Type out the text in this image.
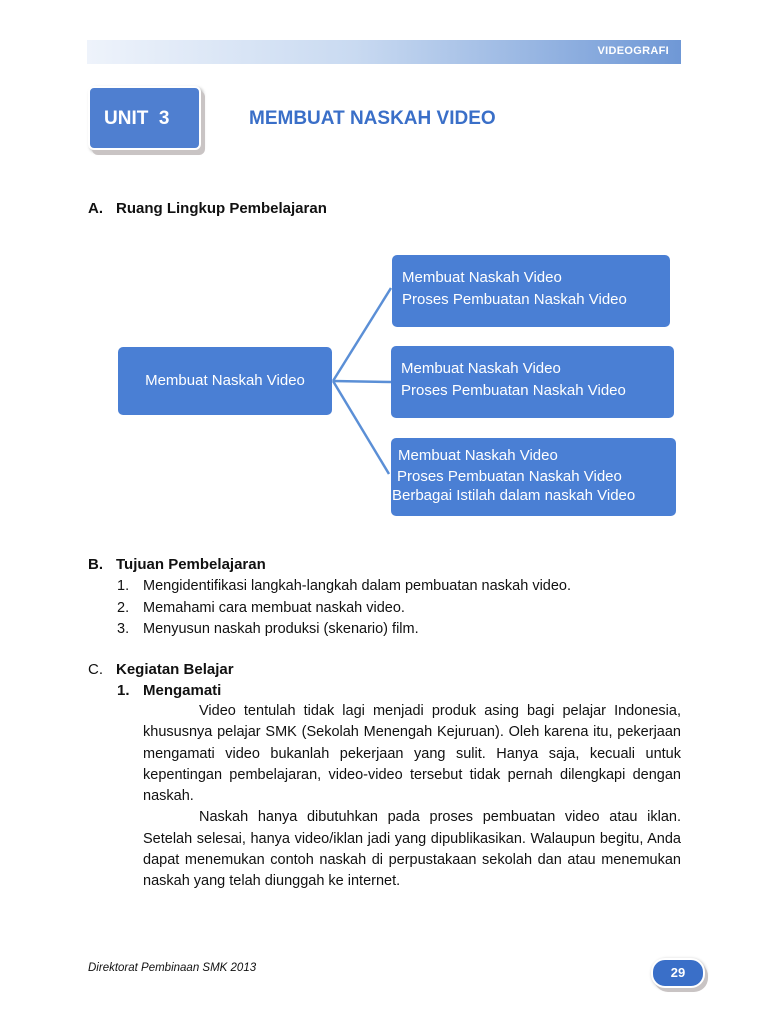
VIDEOGRAFI
UNIT  3	MEMBUAT NASKAH VIDEO
A. Ruang Lingkup Pembelajaran
Membuat Naskah Video
Membuat Naskah Video
Proses Pembuatan Naskah Video
Membuat Naskah Video
Proses Pembuatan Naskah Video
Membuat Naskah Video
Proses Pembuatan Naskah Video
Berbagai Istilah dalam naskah Video
B. Tujuan Pembelajaran
1. Mengidentifikasi langkah-langkah dalam pembuatan naskah video.
2. Memahami cara membuat naskah video.
3. Menyusun naskah produksi (skenario) film.
C. Kegiatan Belajar
1. Mengamati

Video tentulah tidak lagi menjadi produk asing bagi pelajar Indonesia, khususnya pelajar SMK (Sekolah Menengah Kejuruan). Oleh karena itu, pekerjaan mengamati video bukanlah pekerjaan yang sulit. Hanya saja, kecuali untuk kepentingan pembelajaran, video-video tersebut tidak pernah dilengkapi dengan naskah.

Naskah hanya dibutuhkan pada proses pembuatan video atau iklan. Setelah selesai, hanya video/iklan jadi yang dipublikasikan. Walaupun begitu, Anda dapat menemukan contoh naskah di perpustakaan sekolah dan atau menemukan naskah yang telah diunggah ke internet.

Direktorat Pembinaan SMK 2013	29
